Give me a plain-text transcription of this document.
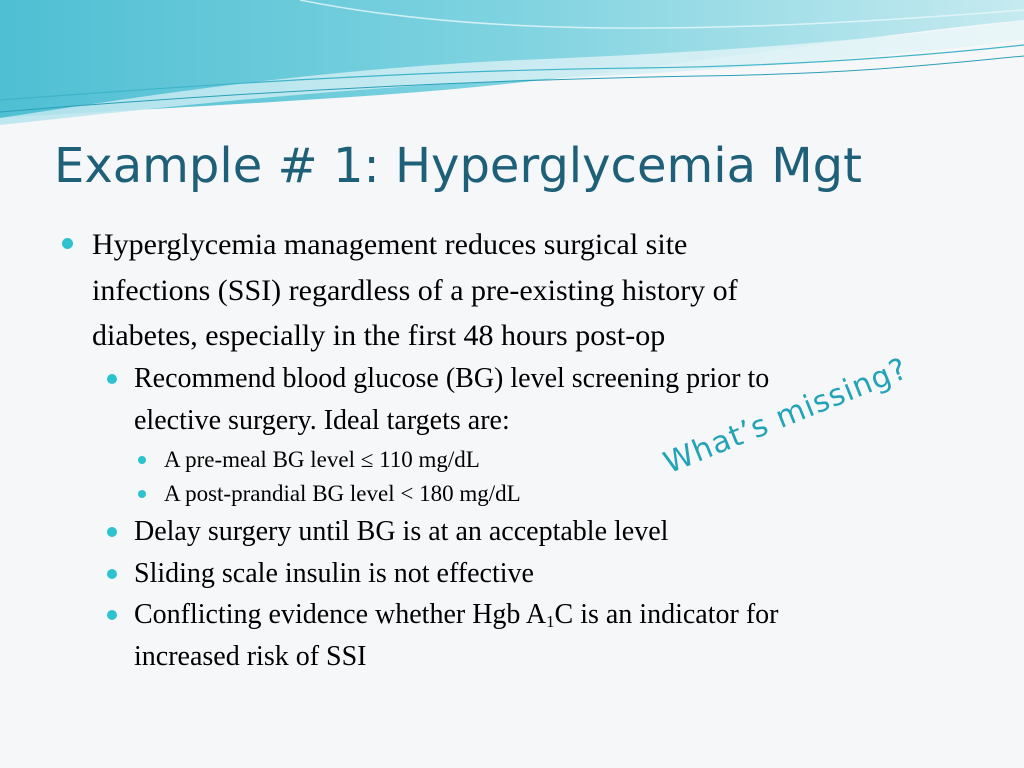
Example # 1: Hyperglycemia Mgt
Hyperglycemia management reduces surgical site
infections (SSI) regardless of a pre-existing history of
diabetes, especially in the first 48 hours post-op
Recommend blood glucose (BG) level screening prior to
elective surgery. Ideal targets are:
A pre-meal BG level ≤ 110 mg/dL
A post-prandial BG level < 180 mg/dL
Delay surgery until BG is at an acceptable level
Sliding scale insulin is not effective
Conflicting evidence whether Hgb $A_1C$ is an indicator for
increased risk of SSI
What’s missing?
